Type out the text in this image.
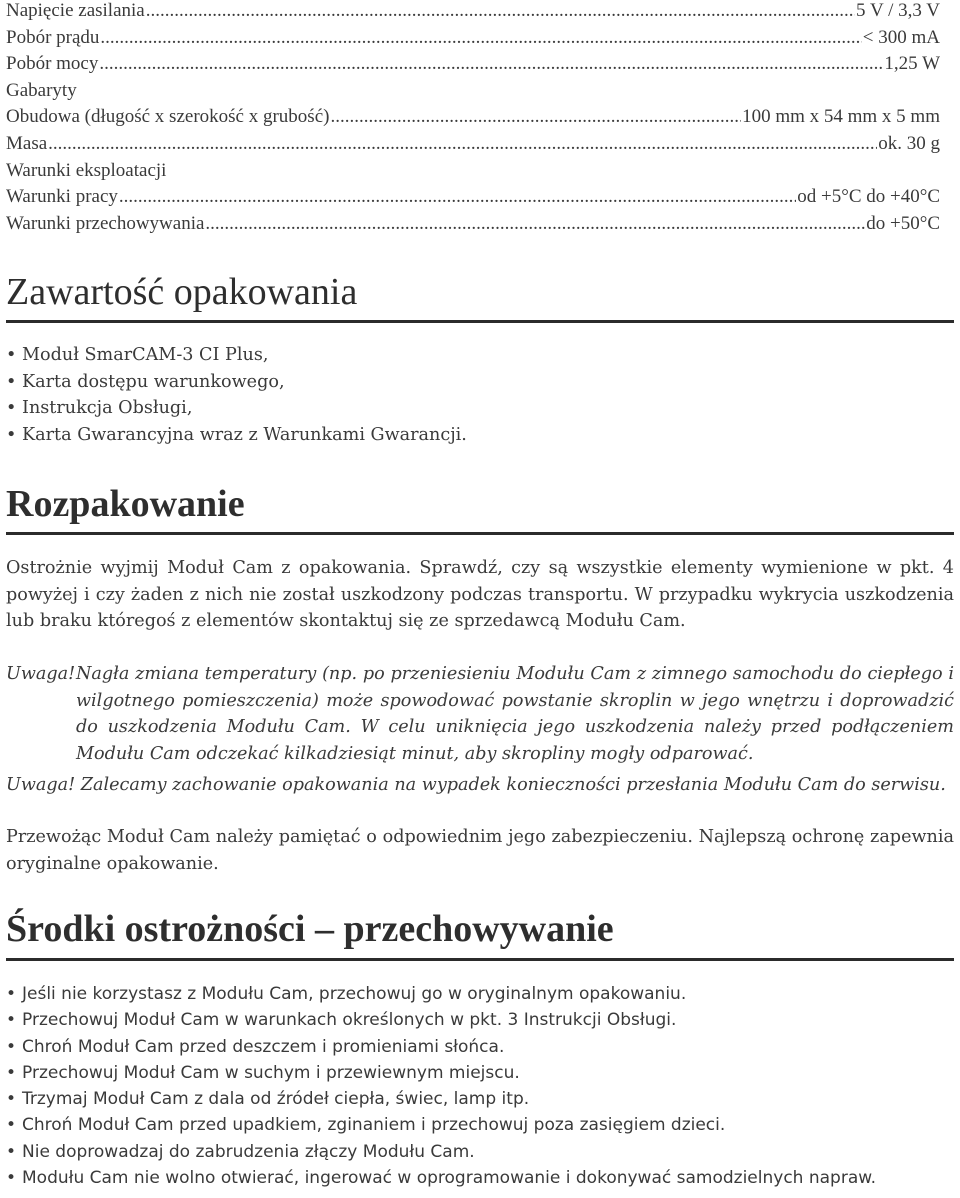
Napięcie zasilania .....	5 V / 3,3 V
Pobór prądu .....	< 300 mA
Pobór mocy .....	1,25 W
Gabaryty
Obudowa (długość x szerokość x grubość) .....	100 mm x 54 mm x 5 mm
Masa .....	ok. 30 g
Warunki eksploatacji
Warunki pracy .....	od +5°C do +40°C
Warunki przechowywania .....	do +50°C
Zawartość opakowania
• Moduł SmarCAM-3 CI Plus,
• Karta dostępu warunkowego,
• Instrukcja Obsługi,
• Karta Gwarancyjna wraz z Warunkami Gwarancji.
Rozpakowanie

Ostrożnie wyjmij Moduł Cam z opakowania. Sprawdź, czy są wszystkie elementy wymienione w pkt. 4 powyżej i czy żaden z nich nie został uszkodzony podczas transportu. W przypadku wykrycia uszkodzenia lub braku któregoś z elementów skontaktuj się ze sprzedawcą Modułu Cam.

Uwaga! Nagła zmiana temperatury (np. po przeniesieniu Modułu Cam z zimnego samochodu do ciepłego i wilgotnego pomieszczenia) może spowodować powstanie skroplin w jego wnętrzu i doprowadzić do uszkodzenia Modułu Cam. W celu uniknięcia jego uszkodzenia należy przed podłączeniem Modułu Cam odczekać kilkadziesiąt minut, aby skropliny mogły odparować.
Uwaga! Zalecamy zachowanie opakowania na wypadek konieczności przesłania Modułu Cam do serwisu.

Przewożąc Moduł Cam należy pamiętać o odpowiednim jego zabezpieczeniu. Najlepszą ochronę zapewnia oryginalne opakowanie.

Środki ostrożności – przechowywanie
• Jeśli nie korzystasz z Modułu Cam, przechowuj go w oryginalnym opakowaniu.
• Przechowuj Moduł Cam w warunkach określonych w pkt. 3 Instrukcji Obsługi.
• Chroń Moduł Cam przed deszczem i promieniami słońca.
• Przechowuj Moduł Cam w suchym i przewiewnym miejscu.
• Trzymaj Moduł Cam z dala od źródeł ciepła, świec, lamp itp.
• Chroń Moduł Cam przed upadkiem, zginaniem i przechowuj poza zasięgiem dzieci.
• Nie doprowadzaj do zabrudzenia złączy Modułu Cam.
• Modułu Cam nie wolno otwierać, ingerować w oprogramowanie i dokonywać samodzielnych napraw.
